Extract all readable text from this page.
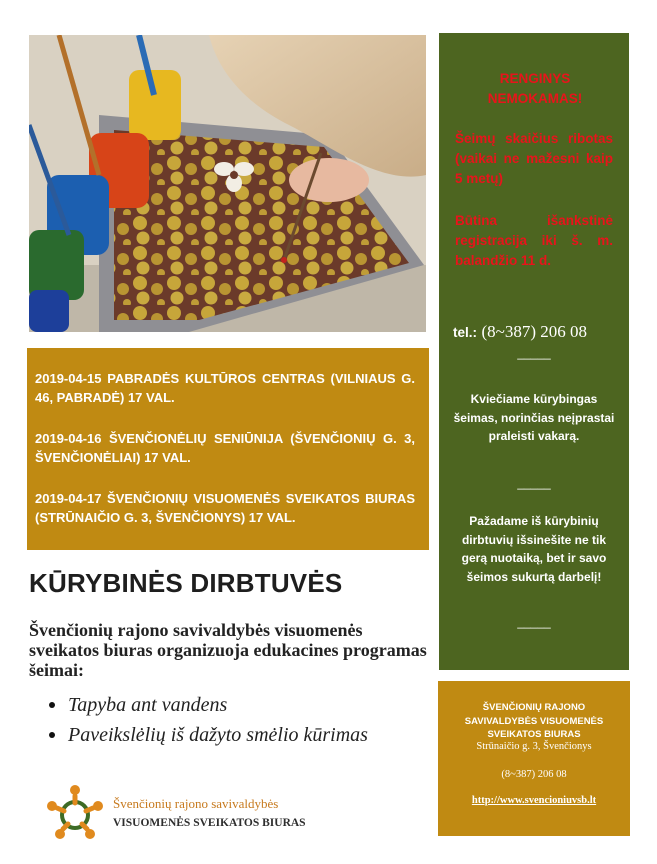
RENGINYS NEMOKAMAS!
Šeimų skaičius ribotas (vaikai ne mažesni kaip 5 metų)
Būtina išankstinė registracija iki š. m. balandžio 11 d.
tel.: (8~387) 206 08
_____
Kviečiame kūrybingas šeimas, norinčias neįprastai praleisti vakarą.
_____
Pažadame iš kūrybinių dirbtuvių išsinešite ne tik gerą nuotaiką, bet ir savo šeimos sukurtą darbelį!
_____

2019-04-15 PABRADĖS KULTŪROS CENTRAS (VILNIAUS G. 46, PABRADĖ) 17 VAL.

2019-04-16 ŠVENČIONĖLIŲ SENIŪNIJA (ŠVENČIONIŲ G. 3, ŠVENČIONĖLIAI) 17 VAL.

2019-04-17 ŠVENČIONIŲ VISUOMENĖS SVEIKATOS BIURAS (STRŪNAIČIO G. 3, ŠVENČIONYS) 17 VAL.

KŪRYBINĖS DIRBTUVĖS
Švenčionių rajono savivaldybės visuomenės sveikatos biuras organizuoja edukacines programas šeimai:
Tapyba ant vandens
Paveikslėlių iš dažyto smėlio kūrimas
ŠVENČIONIŲ RAJONO SAVIVALDYBĖS VISUOMENĖS SVEIKATOS BIURAS
Strūnaičio g. 3, Švenčionys
(8~387) 206 08
http://www.svencioniuvsb.lt
Švenčionių rajono savivaldybės
VISUOMENĖS SVEIKATOS BIURAS
